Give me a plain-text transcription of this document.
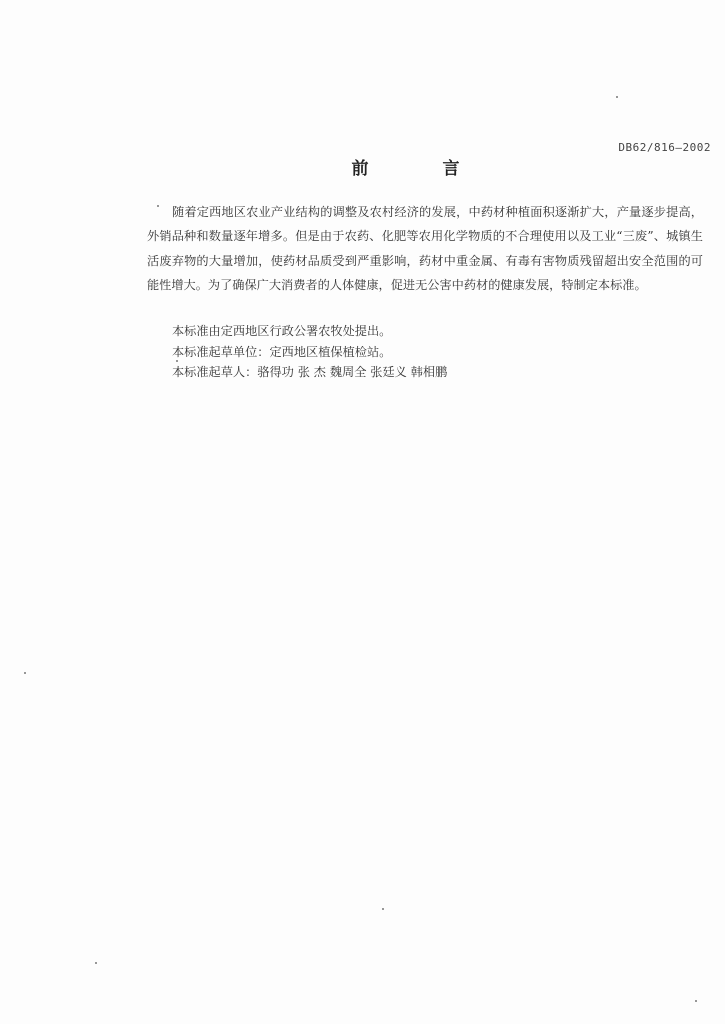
DB62/816—2002
前 言
随着定西地区农业产业结构的调整及农村经济的发展，中药材种植面积逐渐扩大，产量逐步提高，外销品种和数量逐年增多。但是由于农药、化肥等农用化学物质的不合理使用以及工业“三废”、城镇生活废弃物的大量增加，使药材品质受到严重影响，药材中重金属、有毒有害物质残留超出安全范围的可能性增大。为了确保广大消费者的人体健康，促进无公害中药材的健康发展，特制定本标准。
本标准由定西地区行政公署农牧处提出。
本标准起草单位：定西地区植保植检站。
本标准起草人：骆得功 张 杰 魏周全 张廷义 韩相鹏
